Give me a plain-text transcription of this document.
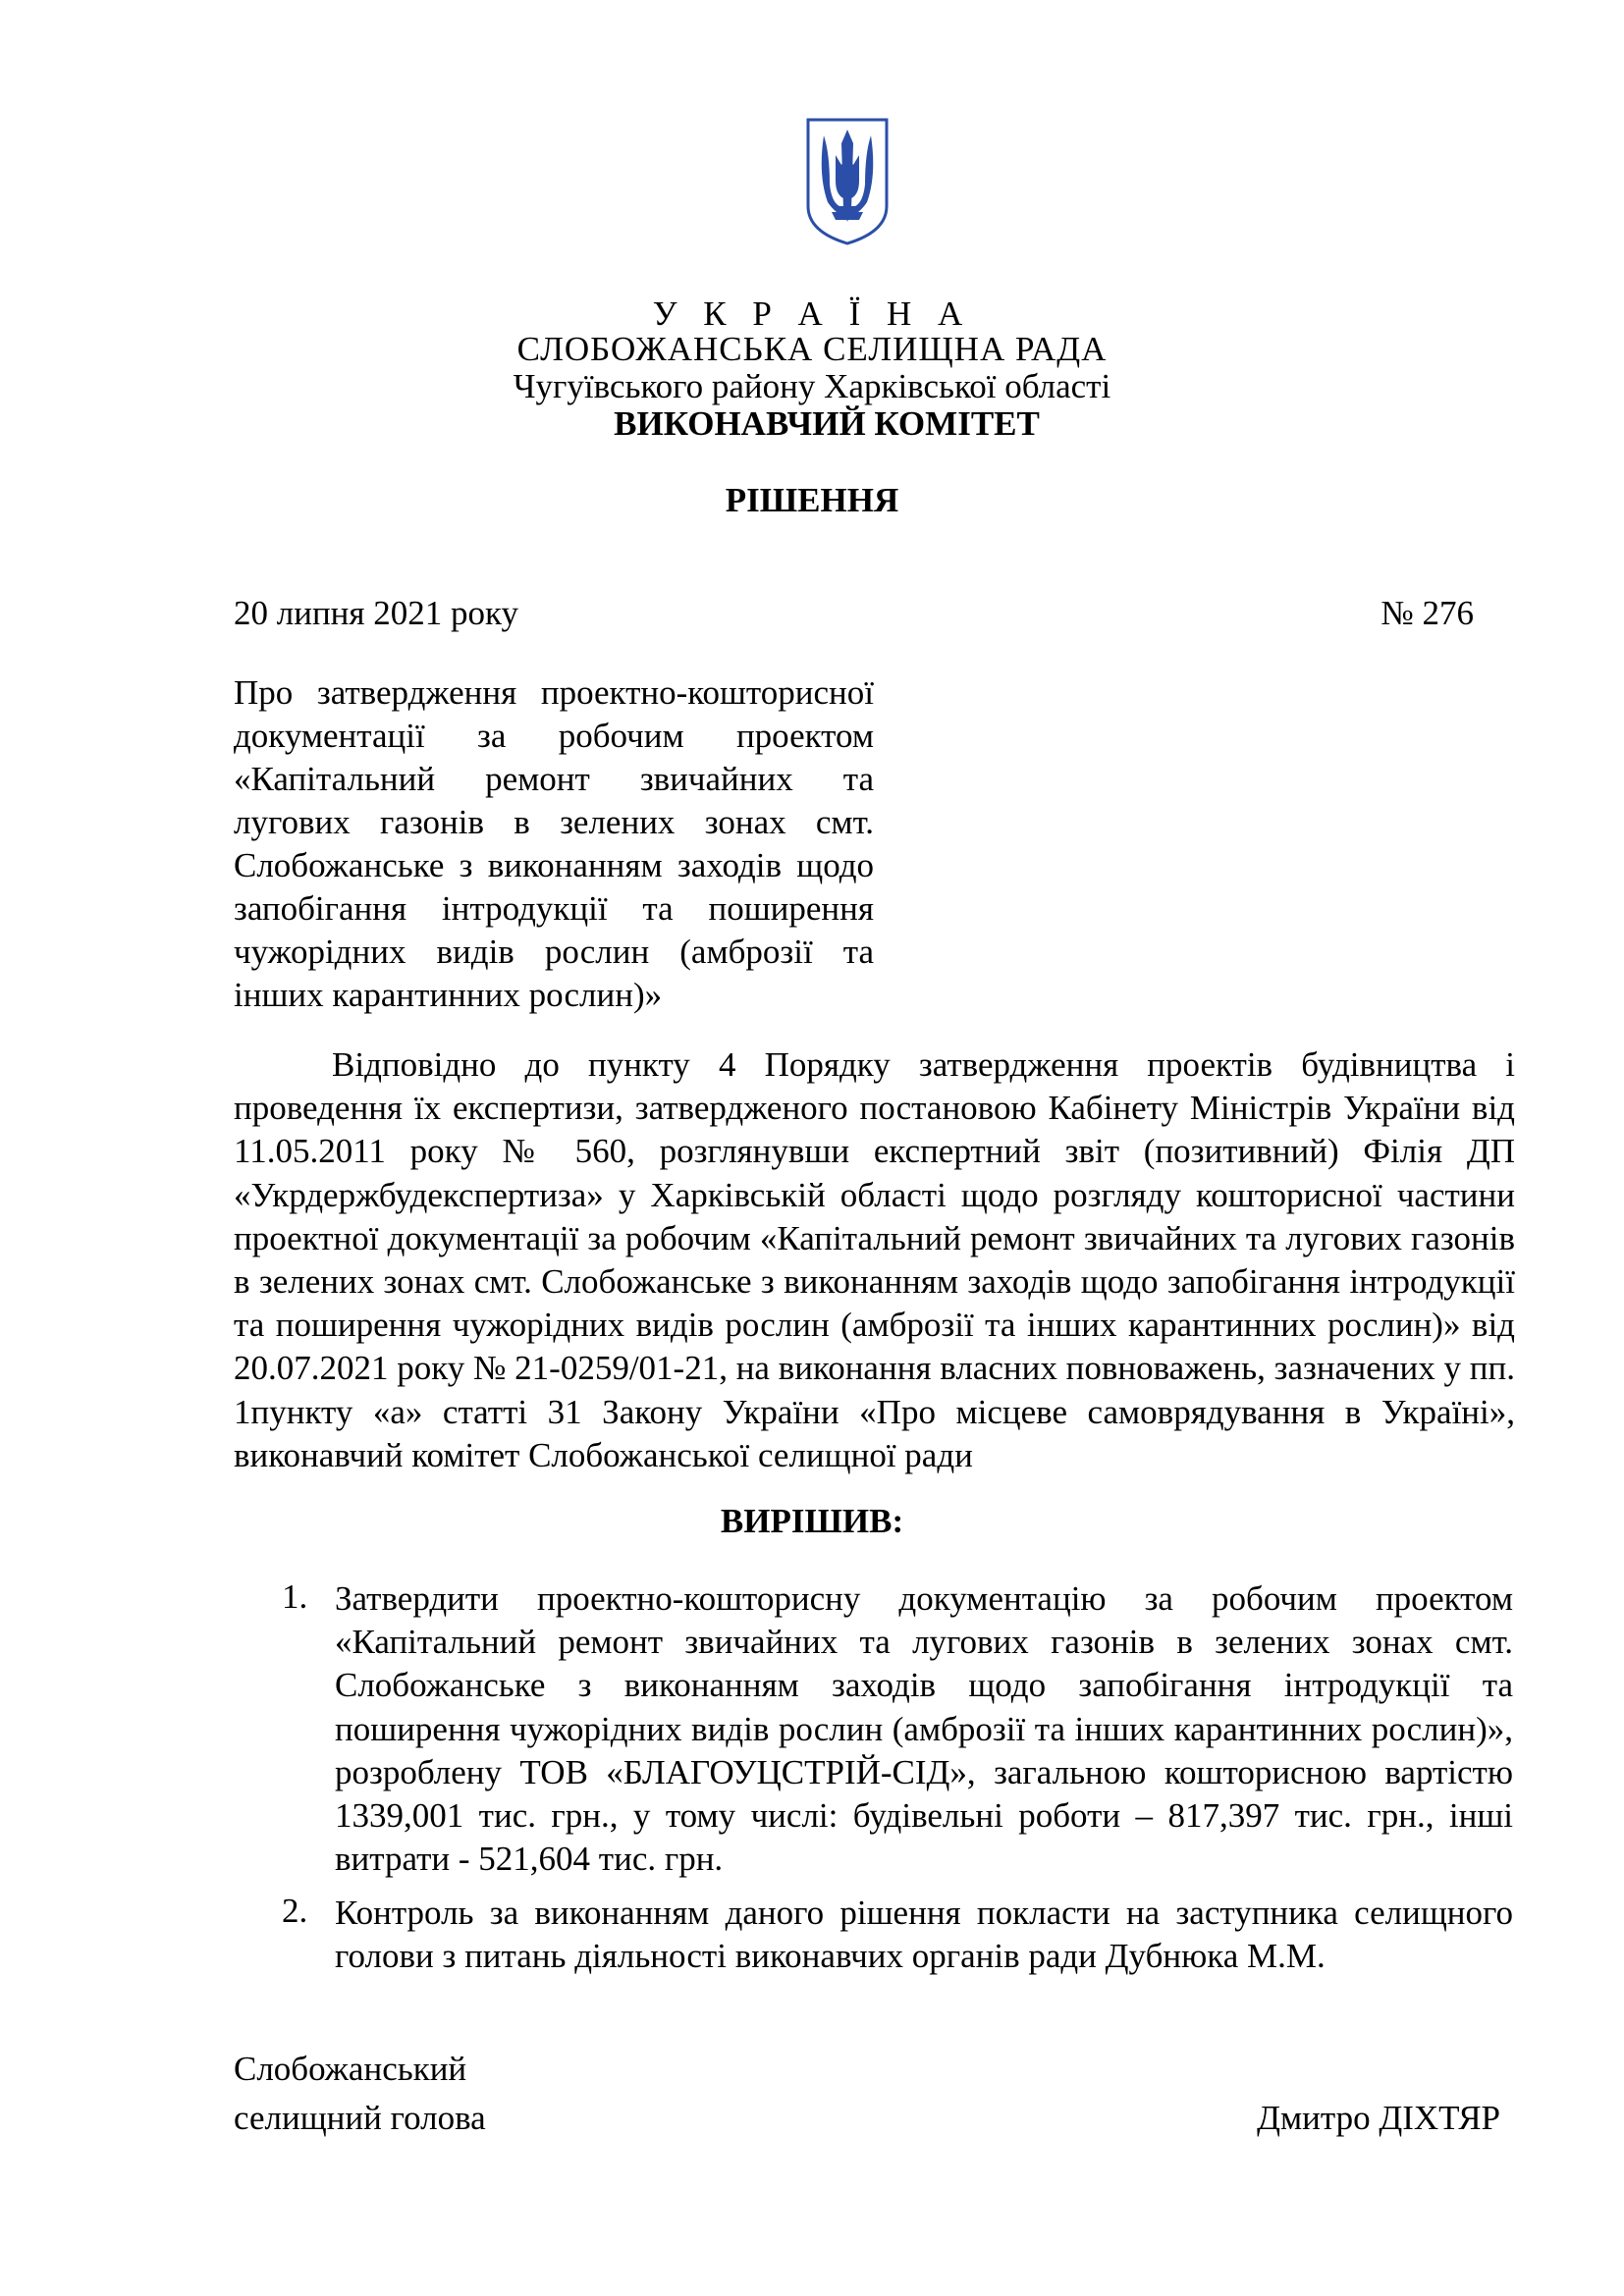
У К Р А Ї Н А
СЛОБОЖАНСЬКА СЕЛИЩНА РАДА
Чугуївського району Харківської області
ВИКОНАВЧИЙ КОМІТЕТ
РІШЕННЯ
20 липня 2021 року	№ 276
Про затвердження проектно-кошторисної документації за робочим проектом «Капітальний ремонт звичайних та лугових газонів в зелених зонах смт. Слобожанське з виконанням заходів щодо запобігання інтродукції та поширення чужорідних видів рослин (амброзії та інших карантинних рослин)»
Відповідно до пункту 4 Порядку затвердження проектів будівництва і проведення їх експертизи, затвердженого постановою Кабінету Міністрів України від 11.05.2011 року № 560, розглянувши експертний звіт (позитивний) Філія ДП «Укрдержбудекспертиза» у Харківській області щодо розгляду кошторисної частини проектної документації за робочим «Капітальний ремонт звичайних та лугових газонів в зелених зонах смт. Слобожанське з виконанням заходів щодо запобігання інтродукції та поширення чужорідних видів рослин (амброзії та інших карантинних рослин)» від 20.07.2021 року № 21-0259/01-21, на виконання власних повноважень, зазначених у пп. 1пункту «а» статті 31 Закону України «Про місцеве самоврядування в Україні», виконавчий комітет Слобожанської селищної ради
ВИРІШИВ:
1. Затвердити проектно-кошторисну документацію за робочим проектом «Капітальний ремонт звичайних та лугових газонів в зелених зонах смт. Слобожанське з виконанням заходів щодо запобігання інтродукції та поширення чужорідних видів рослин (амброзії та інших карантинних рослин)», розроблену ТОВ «БЛАГОУЦСТРІЙ-СІД», загальною кошторисною вартістю 1339,001 тис. грн., у тому числі: будівельні роботи – 817,397 тис. грн., інші витрати - 521,604 тис. грн.
2. Контроль за виконанням даного рішення покласти на заступника селищного голови з питань діяльності виконавчих органів ради Дубнюка М.М.
Слобожанський
селищний голова	Дмитро ДІХТЯР
